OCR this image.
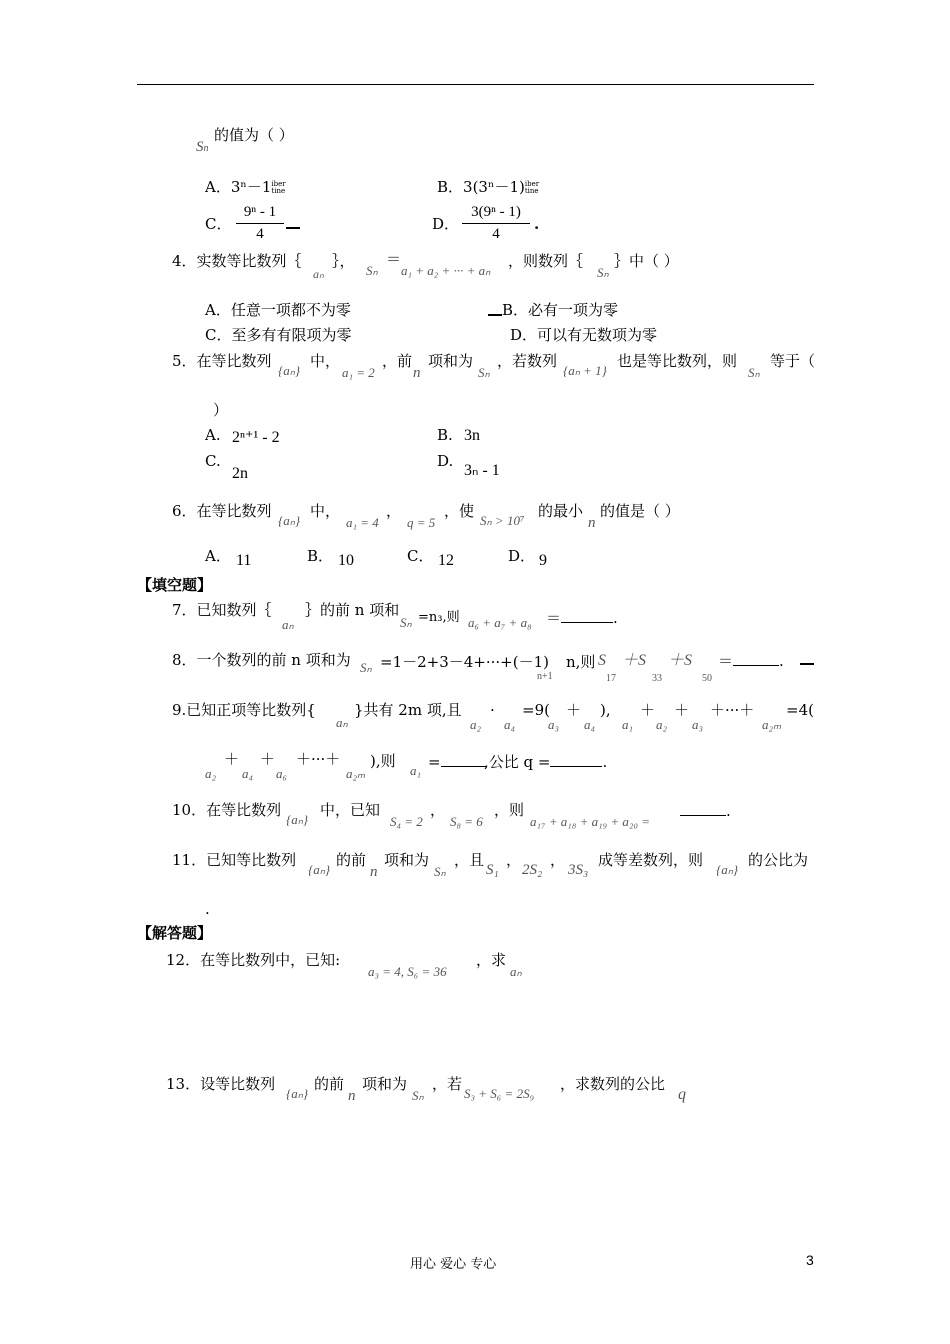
Sn
的值为（ ）
A．3ⁿ－1iber
tine	B．3(3ⁿ－1)iber
tine
C．
9ⁿ - 1
4
D．
3(9ⁿ - 1)
4
.
4．实数等比数列｛
aₙ
｝，
Sₙ
＝
a₁ + a₂ + ··· + aₙ
，则数列｛
Sₙ
｝中（ ）
A．任意一项都不为零	B．必有一项为零
C．至多有有限项为零	D．可以有无数项为零
5．在等比数列
{aₙ}
中，
a₁ = 2
，前
n
项和为
Sₙ
，若数列
{aₙ + 1}
也是等比数列，则
Sₙ
等于（
）
A. 2ⁿ⁺¹ - 2	B. 3n
C.
2n
D.
3ₙ - 1
6．在等比数列
{aₙ}
中，
a₁ = 4
，
q = 5
，使
Sₙ > 10⁷
的最小
n
的值是（ ）
A． 11	B． 10	C． 12	D． 9
【填空题】
7．已知数列｛
aₙ
｝的前 n 项和
Sₙ =n₃,则 a₆ + a₇ + a₈ ＝	.
8．一个数列的前 n 项和为 Sₙ =1－2+3－4+···+(－1)
n+1
n,则 S
17
＋S
33
＋S
50
＝	.
9.已知正项等比数列{
aₙ
}共有 2m 项,且
a₂
·
a₄
=9(
a₃
＋
a₄
),
a₁
＋
a₂
＋
a₃
＋···＋
a₂ₘ
=4(
a₂
＋
a₄
＋
a₆
＋···＋
a₂ₘ
),则
a₁ =	,公比 q =	.
10．在等比数列
{aₙ}
中，已知
S₄ = 2
，
S₈ = 6
，则
a₁₇ + a₁₈ + a₁₉ + a₂₀ =
.
11．已知等比数列
{aₙ}
的前
n
项和为
Sₙ
，且
S₁
，
2S₂
，
3S₃
成等差数列，则
{aₙ}
的公比为
.
【解答题】
12．在等比数列中，已知:
a₃ = 4, S₆ = 36
，求
aₙ
13．设等比数列
{aₙ}
的前
n
项和为
Sₙ
，若
S₃ + S₆ = 2S₉
，求数列的公比
q
用心 爱心 专心	3
